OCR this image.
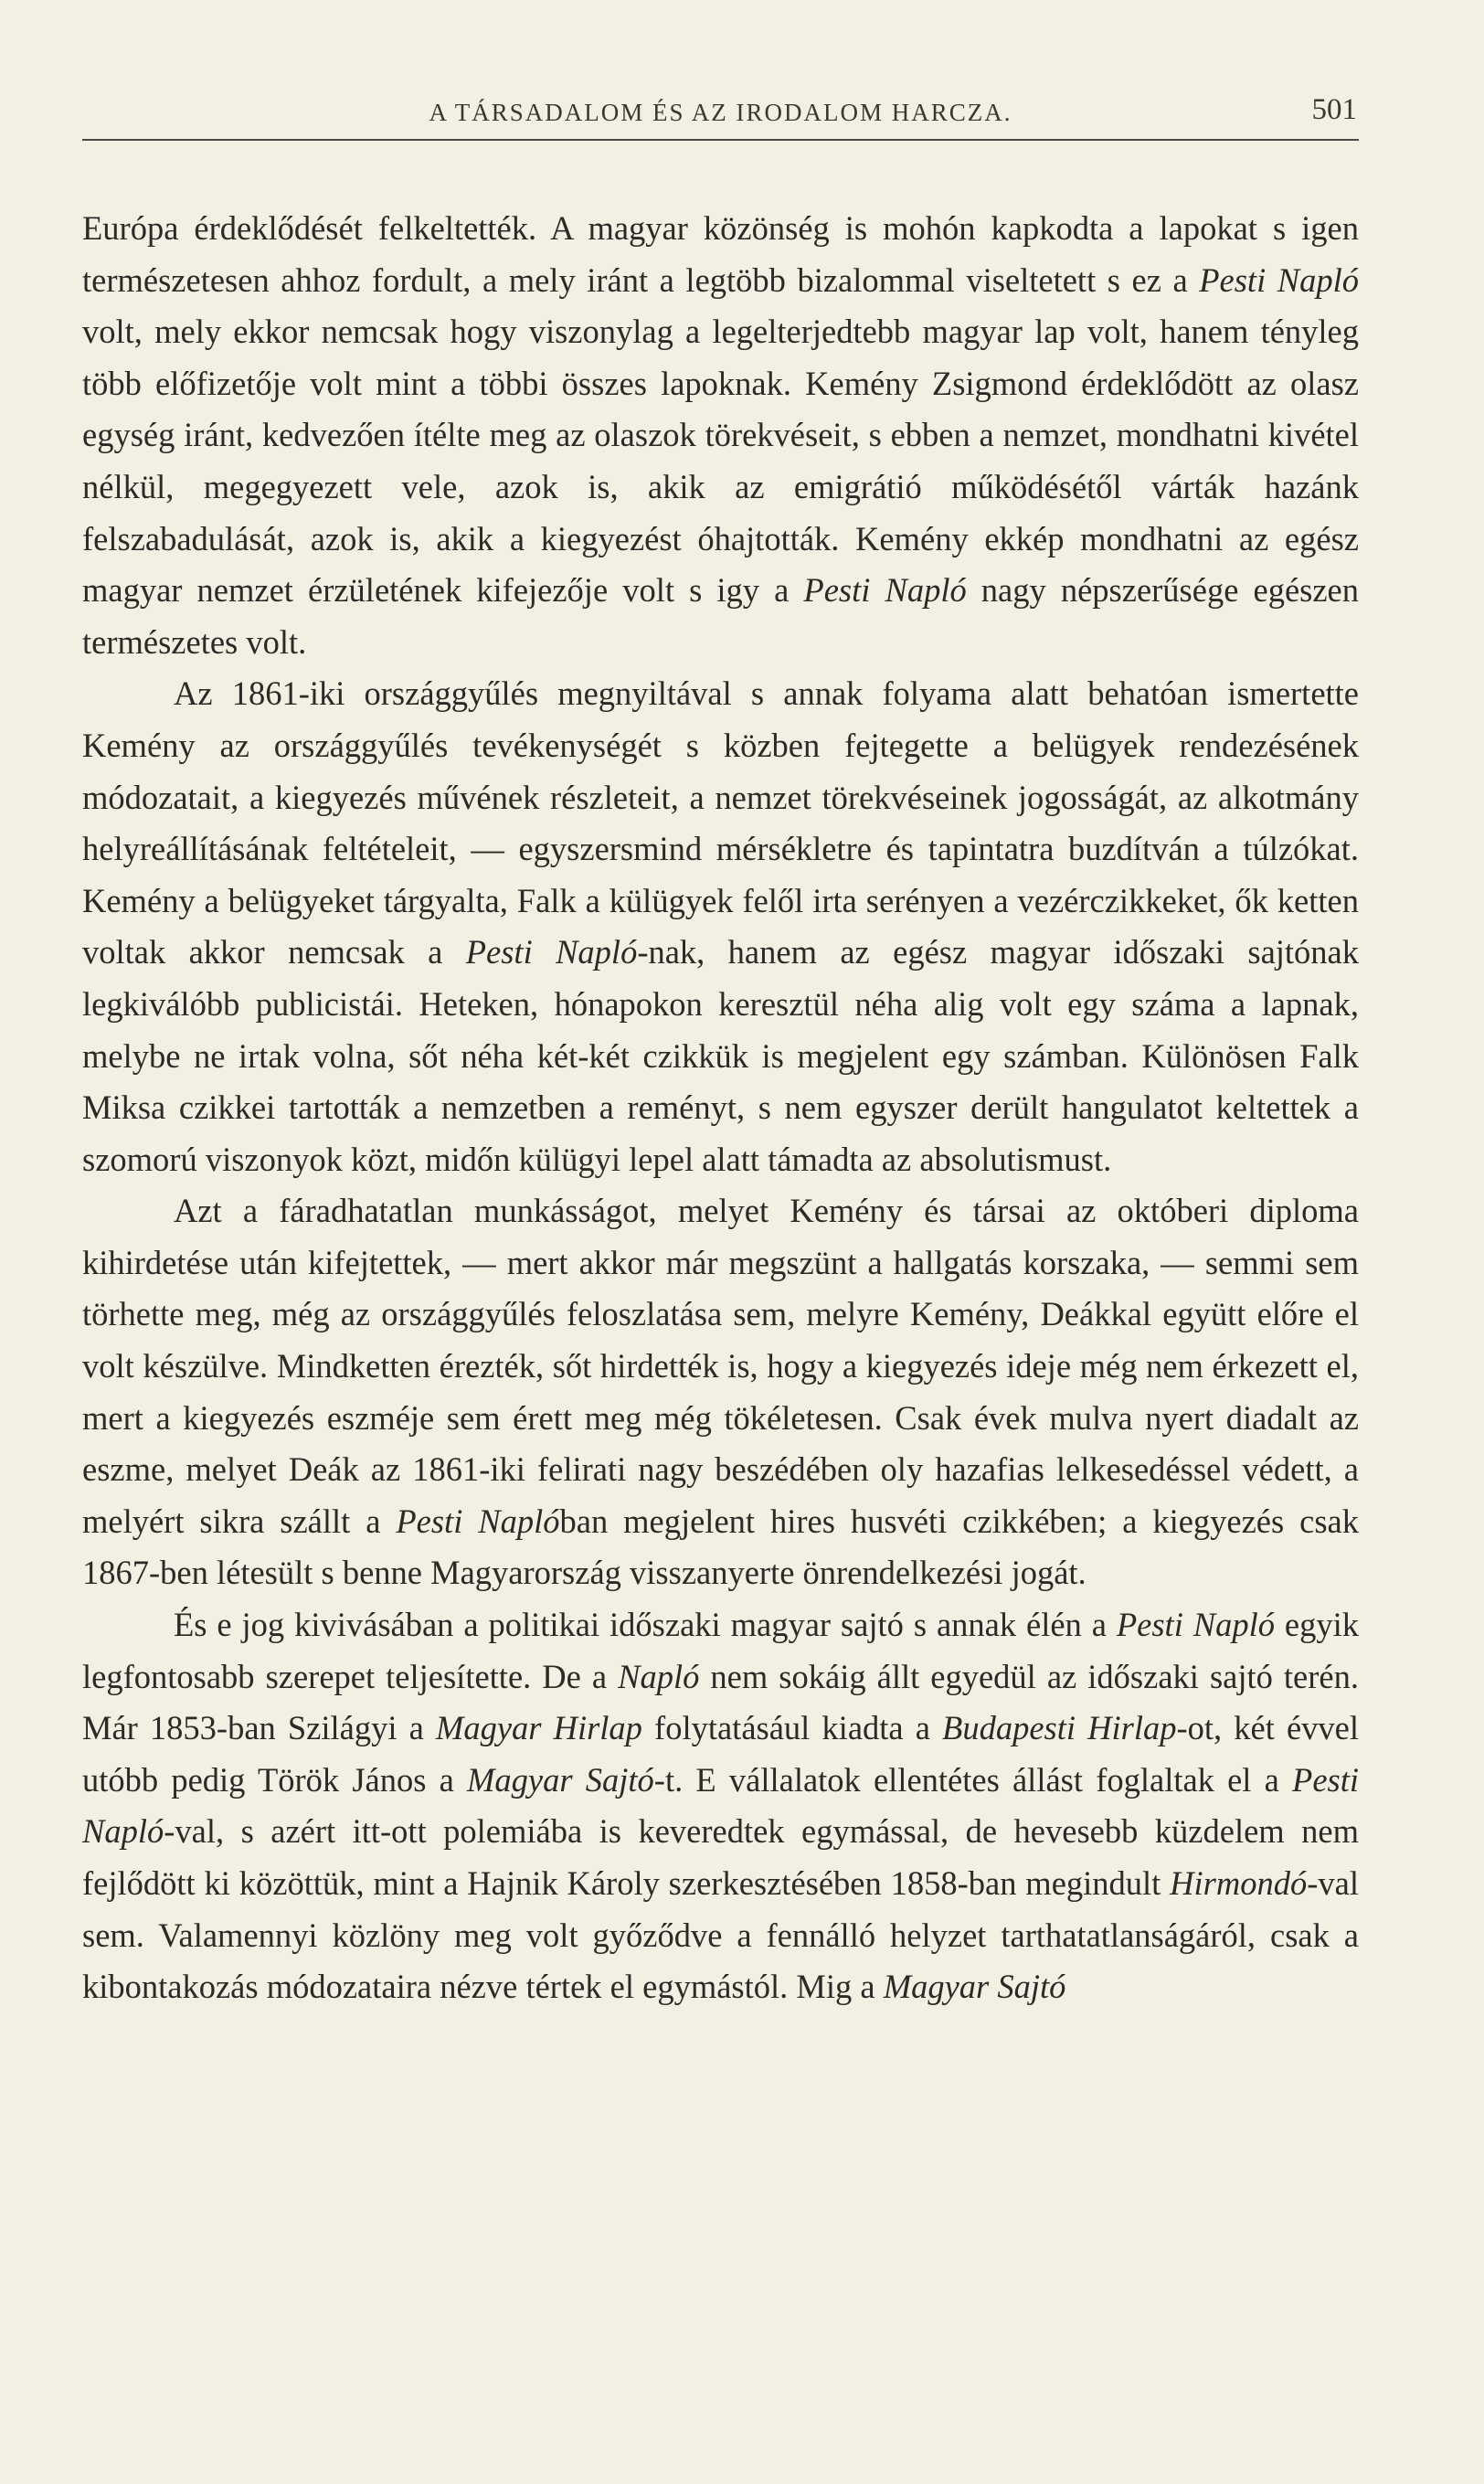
A TÁRSADALOM ÉS AZ IRODALOM HARCZA.	501

Európa érdeklődését felkeltették. A magyar közönség is mohón kapkodta a lapokat s igen természetesen ahhoz fordult, a mely iránt a legtöbb bizalommal viseltetett s ez a Pesti Napló volt, mely ekkor nemcsak hogy viszonylag a legelterjedtebb magyar lap volt, hanem tényleg több előfizetője volt mint a többi összes lapoknak. Kemény Zsigmond érdeklődött az olasz egység iránt, kedvezően ítélte meg az olaszok törekvéseit, s ebben a nemzet, mondhatni kivétel nélkül, megegyezett vele, azok is, akik az emigrátió működésétől várták hazánk felszabadulását, azok is, akik a kiegyezést óhajtották. Kemény ekkép mondhatni az egész magyar nemzet érzületének kifejezője volt s igy a Pesti Napló nagy népszerűsége egészen természetes volt.

Az 1861-iki országgyűlés megnyiltával s annak folyama alatt behatóan ismertette Kemény az országgyűlés tevékenységét s közben fejtegette a belügyek rendezésének módozatait, a kiegyezés művének részleteit, a nemzet törekvéseinek jogosságát, az alkotmány helyreállításának feltételeit, — egyszersmind mérsékletre és tapintatra buzdítván a túlzókat. Kemény a belügyeket tárgyalta, Falk a külügyek felől irta serényen a vezérczikkeket, ők ketten voltak akkor nemcsak a Pesti Napló-nak, hanem az egész magyar időszaki sajtónak legkiválóbb publicistái. Heteken, hónapokon keresztül néha alig volt egy száma a lapnak, melybe ne irtak volna, sőt néha két-két czikkük is megjelent egy számban. Különösen Falk Miksa czikkei tartották a nemzetben a reményt, s nem egyszer derült hangulatot keltettek a szomorú viszonyok közt, midőn külügyi lepel alatt támadta az absolutismust.

Azt a fáradhatatlan munkásságot, melyet Kemény és társai az októberi diploma kihirdetése után kifejtettek, — mert akkor már megszünt a hallgatás korszaka, — semmi sem törhette meg, még az országgyűlés feloszlatása sem, melyre Kemény, Deákkal együtt előre el volt készülve. Mindketten érezték, sőt hirdették is, hogy a kiegyezés ideje még nem érkezett el, mert a kiegyezés eszméje sem érett meg még tökéletesen. Csak évek mulva nyert diadalt az eszme, melyet Deák az 1861-iki felirati nagy beszédében oly hazafias lelkesedéssel védett, a melyért sikra szállt a Pesti Naplóban megjelent hires husvéti czikkében; a kiegyezés csak 1867-ben létesült s benne Magyarország visszanyerte önrendelkezési jogát.

És e jog kivivásában a politikai időszaki magyar sajtó s annak élén a Pesti Napló egyik legfontosabb szerepet teljesítette. De a Napló nem sokáig állt egyedül az időszaki sajtó terén. Már 1853-ban Szilágyi a Magyar Hirlap folytatásául kiadta a Budapesti Hirlap-ot, két évvel utóbb pedig Török János a Magyar Sajtó-t. E vállalatok ellentétes állást foglaltak el a Pesti Napló-val, s azért itt-ott polemiába is keveredtek egymással, de hevesebb küzdelem nem fejlődött ki közöttük, mint a Hajnik Károly szerkesztésében 1858-ban megindult Hirmondó-val sem. Valamennyi közlöny meg volt győződve a fennálló helyzet tarthatatlanságáról, csak a kibontakozás módozataira nézve tértek el egymástól. Mig a Magyar Sajtó
